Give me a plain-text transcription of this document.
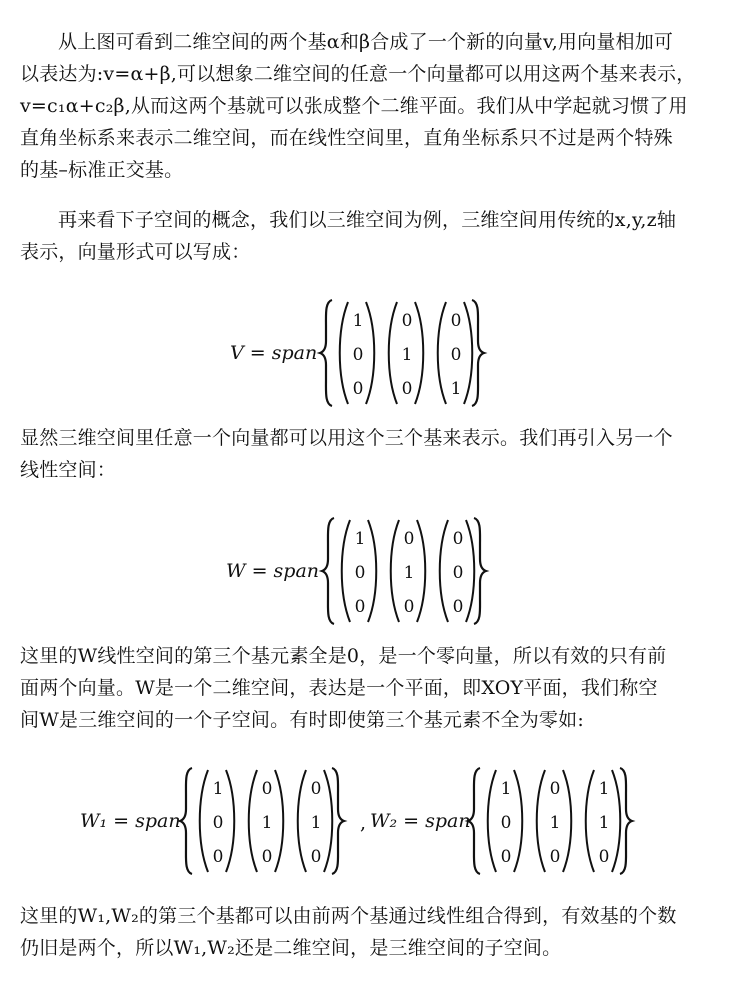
从上图可看到二维空间的两个基α和β合成了一个新的向量v,用向量相加可
以表达为:v=α+β,可以想象二维空间的任意一个向量都可以用这两个基来表示，
v=c₁α+c₂β,从而这两个基就可以张成整个二维平面。我们从中学起就习惯了用
直角坐标系来表示二维空间，而在线性空间里，直角坐标系只不过是两个特殊
的基–标准正交基。
再来看下子空间的概念，我们以三维空间为例，三维空间用传统的x,y,z轴
表示，向量形式可以写成：
V = span
1
0
0
0
1
0
0
0
1
显然三维空间里任意一个向量都可以用这个三个基来表示。我们再引入另一个
线性空间：
W = span
1
0
0
0
1
0
0
0
0
这里的W线性空间的第三个基元素全是0，是一个零向量，所以有效的只有前
面两个向量。W是一个二维空间，表达是一个平面，即XOY平面，我们称空
间W是三维空间的一个子空间。有时即使第三个基元素不全为零如:
W₁ = span
1
0
0
0
1
0
0
1
0
, W₂ = span
1
0
0
0
1
0
1
1
0
这里的W₁,W₂的第三个基都可以由前两个基通过线性组合得到，有效基的个数
仍旧是两个，所以W₁,W₂还是二维空间，是三维空间的子空间。
